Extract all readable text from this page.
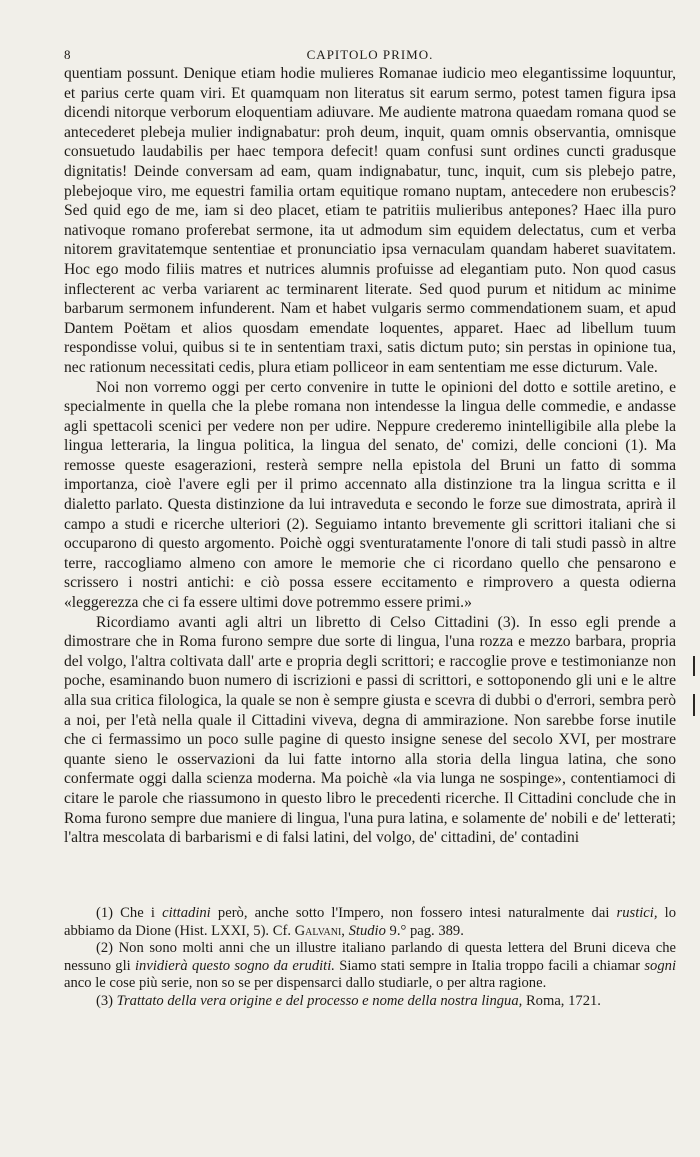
8	CAPITOLO PRIMO.

quentiam possunt. Denique etiam hodie mulieres Romanae iudicio meo elegantissime loquuntur, et parius certe quam viri. Et quamquam non literatus sit earum sermo, potest tamen figura ipsa dicendi nitorque verborum eloquentiam adiuvare. Me audiente matrona quaedam romana quod se antecederet plebeja mulier indignabatur: proh deum, inquit, quam omnis observantia, omnisque consuetudo laudabilis per haec tempora defecit! quam confusi sunt ordines cuncti gradusque dignitatis! Deinde conversam ad eam, quam indignabatur, tunc, inquit, cum sis plebejo patre, plebejoque viro, me equestri familia ortam equitique romano nuptam, antecedere non erubescis? Sed quid ego de me, iam si deo placet, etiam te patritiis mulieribus antepones? Haec illa puro nativoque romano proferebat sermone, ita ut admodum sim equidem delectatus, cum et verba nitorem gravitatemque sententiae et pronunciatio ipsa vernaculam quandam haberet suavitatem. Hoc ego modo filiis matres et nutrices alumnis profuisse ad elegantiam puto. Non quod casus inflecterent ac verba variarent ac terminarent literate. Sed quod purum et nitidum ac minime barbarum sermonem infunderent. Nam et habet vulgaris sermo commendationem suam, et apud Dantem Poëtam et alios quosdam emendate loquentes, apparet. Haec ad libellum tuum respondisse volui, quibus si te in sententiam traxi, satis dictum puto; sin perstas in opinione tua, nec rationum necessitati cedis, plura etiam polliceor in eam sententiam me esse dicturum. Vale.

Noi non vorremo oggi per certo convenire in tutte le opinioni del dotto e sottile aretino, e specialmente in quella che la plebe romana non intendesse la lingua delle commedie, e andasse agli spettacoli scenici per vedere non per udire. Neppure crederemo inintelligibile alla plebe la lingua letteraria, la lingua politica, la lingua del senato, de' comizi, delle concioni (1). Ma remosse queste esagerazioni, resterà sempre nella epistola del Bruni un fatto di somma importanza, cioè l'avere egli per il primo accennato alla distinzione tra la lingua scritta e il dialetto parlato. Questa distinzione da lui intraveduta e secondo le forze sue dimostrata, aprirà il campo a studi e ricerche ulteriori (2). Seguiamo intanto brevemente gli scrittori italiani che si occuparono di questo argomento. Poichè oggi sventuratamente l'onore di tali studi passò in altre terre, raccogliamo almeno con amore le memorie che ci ricordano quello che pensarono e scrissero i nostri antichi: e ciò possa essere eccitamento e rimprovero a questa odierna «leggerezza che ci fa essere ultimi dove potremmo essere primi.»

Ricordiamo avanti agli altri un libretto di Celso Cittadini (3). In esso egli prende a dimostrare che in Roma furono sempre due sorte di lingua, l'una rozza e mezzo barbara, propria del volgo, l'altra coltivata dall' arte e propria degli scrittori; e raccoglie prove e testimonianze non poche, esaminando buon numero di iscrizioni e passi di scrittori, e sottoponendo gli uni e le altre alla sua critica filologica, la quale se non è sempre giusta e scevra di dubbi o d'errori, sembra però a noi, per l'età nella quale il Cittadini viveva, degna di ammirazione. Non sarebbe forse inutile che ci fermassimo un poco sulle pagine di questo insigne senese del secolo XVI, per mostrare quante sieno le osservazioni da lui fatte intorno alla storia della lingua latina, che sono confermate oggi dalla scienza moderna. Ma poichè «la via lunga ne sospinge», contentiamoci di citare le parole che riassumono in questo libro le precedenti ricerche. Il Cittadini conclude che in Roma furono sempre due maniere di lingua, l'una pura latina, e solamente de' nobili e de' letterati; l'altra mescolata di barbarismi e di falsi latini, del volgo, de' cittadini, de' contadini

(1) Che i cittadini però, anche sotto l'Impero, non fossero intesi naturalmente dai rustici, lo abbiamo da Dione (Hist. LXXI, 5). Cf. Galvani, Studio 9.° pag. 389.

(2) Non sono molti anni che un illustre italiano parlando di questa lettera del Bruni diceva che nessuno gli invidierà questo sogno da eruditi. Siamo stati sempre in Italia troppo facili a chiamar sogni anco le cose più serie, non so se per dispensarci dallo studiarle, o per altra ragione.

(3) Trattato della vera origine e del processo e nome della nostra lingua, Roma, 1721.
